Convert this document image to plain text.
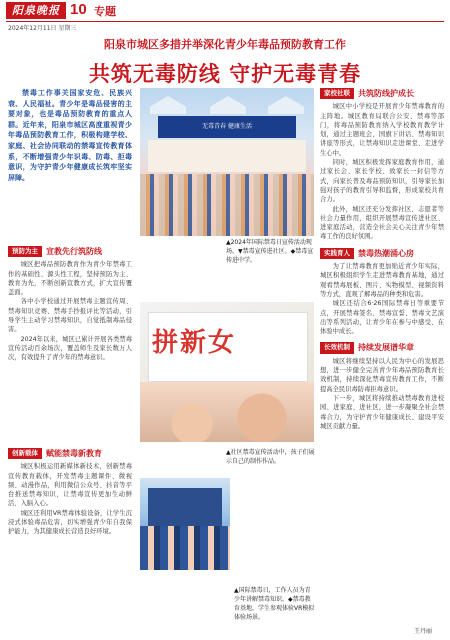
阳泉晚报 10 专题
2024年12月11日 星期三
阳泉市城区多措并举深化青少年毒品预防教育工作
共筑无毒防线 守护无毒青春

禁毒工作事关国家安危、民族兴衰、人民福祉。青少年是毒品侵害的主要对象，也是毒品预防教育的重点人群。近年来，阳泉市城区高度重视青少年毒品预防教育工作，积极构建学校、家庭、社会协同联动的禁毒宣传教育体系，不断增强青少年识毒、防毒、拒毒意识，为守护青少年健康成长筑牢坚实屏障。

无毒青春 健康生活
▲2024年国际禁毒日宣传活动现场。▼禁毒宣传进社区。◆禁毒宣传进中学。
家校社联	共筑防线护成长

城区中小学校是开展青少年禁毒教育的主阵地。城区教育局联合公安、禁毒等部门，将毒品预防教育纳入学校教育教学计划，通过主题班会、国旗下讲话、禁毒知识讲座等形式，让禁毒知识走进课堂、走进学生心中。

同时，城区积极发挥家庭教育作用，通过家长会、家长学校、致家长一封信等方式，向家长普及毒品预防知识，引导家长加强对孩子的教育引导和监督，形成家校共育合力。

此外，城区还充分发挥社区、志愿者等社会力量作用，组织开展禁毒宣传进社区、进家庭活动，营造全社会关心关注青少年禁毒工作的良好氛围。

实践育人	禁毒热潮涌心房

为了让禁毒教育更加贴近青少年实际，城区积极组织学生走进禁毒教育基地，通过观看禁毒展板、图片、实物模型、视频资料等方式，直观了解毒品的种类和危害。

城区还结合6·26国际禁毒日等重要节点，开展禁毒签名、禁毒宣誓、禁毒文艺演出等系列活动，让青少年在参与中感受、在体验中成长。

长效机制	持续发展谱华章

城区将继续坚持以人民为中心的发展思想，进一步健全完善青少年毒品预防教育长效机制，持续深化禁毒宣传教育工作，不断提高全民识毒防毒拒毒意识。

下一步，城区将持续推动禁毒教育进校园、进家庭、进社区，进一步凝聚全社会禁毒合力，为守护青少年健康成长、建设平安城区贡献力量。

预防为主	宣教先行筑防线

城区把毒品预防教育作为青少年禁毒工作的基础性、源头性工程，坚持预防为主、教育为先，不断创新宣教方式，扩大宣传覆盖面。

各中小学校通过开展禁毒主题宣传周、禁毒知识竞赛、禁毒手抄报评比等活动，引导学生主动学习禁毒知识，自觉抵制毒品侵害。

2024年以来，城区已累计开展各类禁毒宣传活动百余场次，覆盖师生及家长数万人次，有效提升了青少年的禁毒意识。

创新载体	赋能禁毒新教育

城区积极运用新媒体新技术，创新禁毒宣传教育载体，开发禁毒主题课件、微视频、动漫作品，利用微信公众号、抖音等平台推送禁毒知识，让禁毒宣传更加生动鲜活、入脑入心。

城区还利用VR禁毒体验设备，让学生沉浸式体验毒品危害，切实增强青少年自我保护能力，为其健康成长营造良好环境。

拼新女
▲社区禁毒宣传活动中，孩子们展示自己的制作作品。
▲国际禁毒日，工作人员为青少年讲解禁毒知识。◆禁毒教育基地，学生参观体验VR模拟体验场景。
王丹丽
